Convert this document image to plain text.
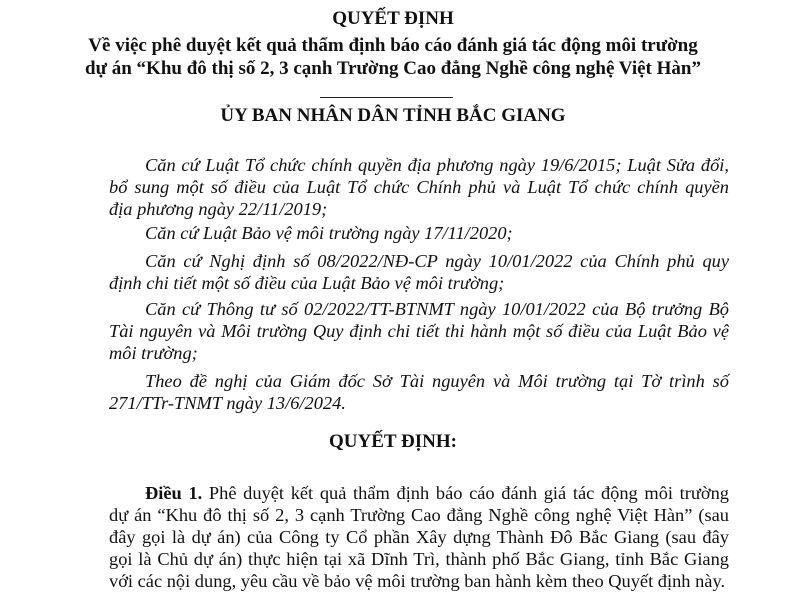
QUYẾT ĐỊNH
Về việc phê duyệt kết quả thẩm định báo cáo đánh giá tác động môi trường
dự án “Khu đô thị số 2, 3 cạnh Trường Cao đẳng Nghề công nghệ Việt Hàn”
ỦY BAN NHÂN DÂN TỈNH BẮC GIANG
Căn cứ Luật Tổ chức chính quyền địa phương ngày 19/6/2015; Luật Sửa đổi,
bổ sung một số điều của Luật Tổ chức Chính phủ và Luật Tổ chức chính quyền
địa phương ngày 22/11/2019;
Căn cứ Luật Bảo vệ môi trường ngày 17/11/2020;
Căn cứ Nghị định số 08/2022/NĐ-CP ngày 10/01/2022 của Chính phủ quy
định chi tiết một số điều của Luật Bảo vệ môi trường;
Căn cứ Thông tư số 02/2022/TT-BTNMT ngày 10/01/2022 của Bộ trưởng Bộ
Tài nguyên và Môi trường Quy định chi tiết thi hành một số điều của Luật Bảo vệ
môi trường;
Theo đề nghị của Giám đốc Sở Tài nguyên và Môi trường tại Tờ trình số
271/TTr-TNMT ngày 13/6/2024.
QUYẾT ĐỊNH:
Điều 1. Phê duyệt kết quả thẩm định báo cáo đánh giá tác động môi trường
dự án “Khu đô thị số 2, 3 cạnh Trường Cao đẳng Nghề công nghệ Việt Hàn” (sau
đây gọi là dự án) của Công ty Cổ phần Xây dựng Thành Đô Bắc Giang (sau đây
gọi là Chủ dự án) thực hiện tại xã Dĩnh Trì, thành phố Bắc Giang, tỉnh Bắc Giang
với các nội dung, yêu cầu về bảo vệ môi trường ban hành kèm theo Quyết định này.
